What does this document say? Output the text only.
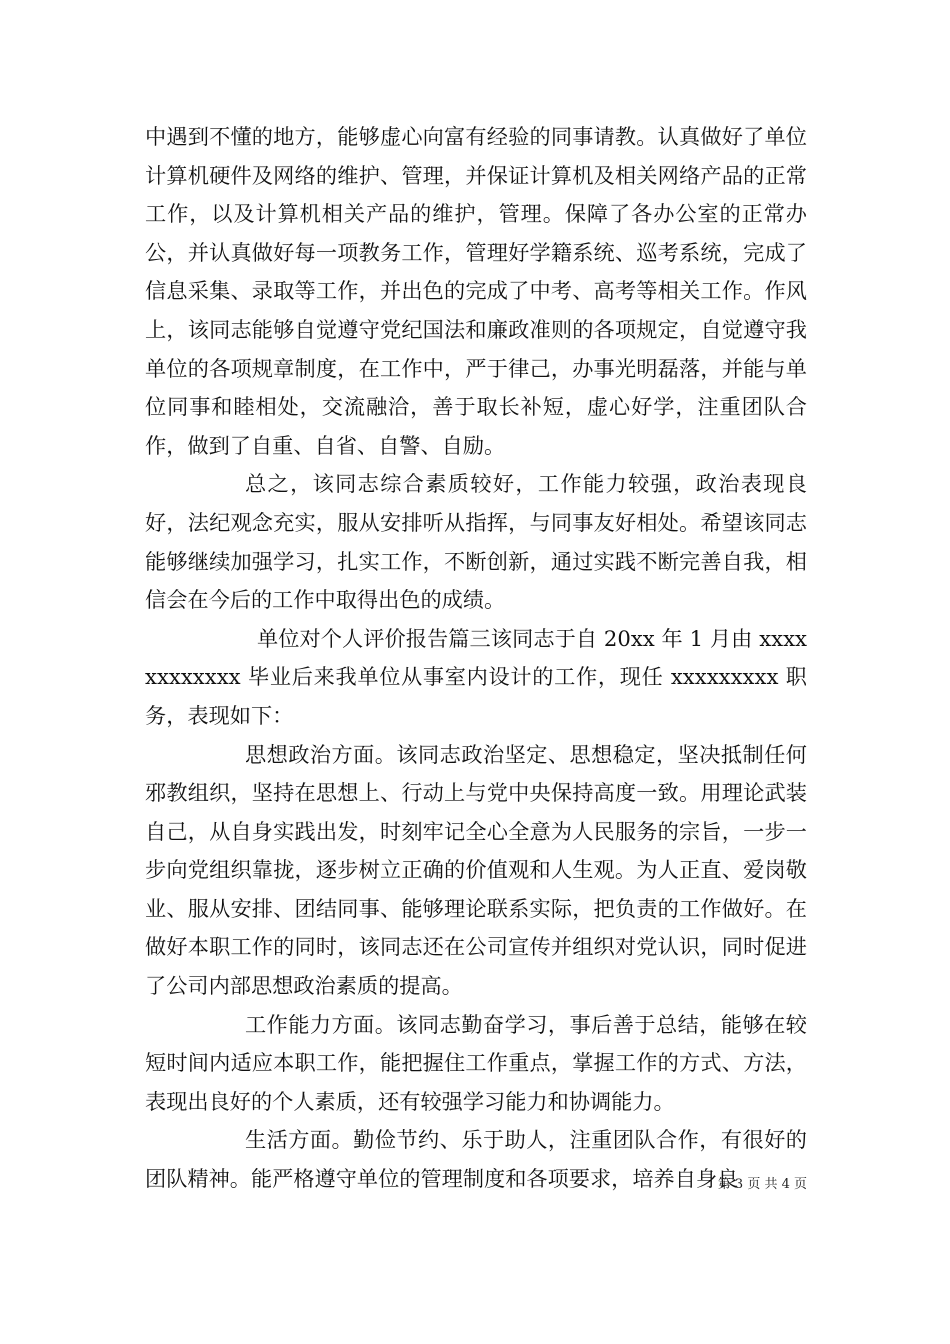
中遇到不懂的地方，能够虚心向富有经验的同事请教。认真做好了单位计算机硬件及网络的维护、管理，并保证计算机及相关网络产品的正常工作，以及计算机相关产品的维护，管理。保障了各办公室的正常办公，并认真做好每一项教务工作，管理好学籍系统、巡考系统，完成了信息采集、录取等工作，并出色的完成了中考、高考等相关工作。作风上，该同志能够自觉遵守党纪国法和廉政准则的各项规定，自觉遵守我单位的各项规章制度，在工作中，严于律己，办事光明磊落，并能与单位同事和睦相处，交流融洽，善于取长补短，虚心好学，注重团队合作，做到了自重、自省、自警、自励。

总之，该同志综合素质较好，工作能力较强，政治表现良好，法纪观念充实，服从安排听从指挥，与同事友好相处。希望该同志能够继续加强学习，扎实工作，不断创新，通过实践不断完善自我，相信会在今后的工作中取得出色的成绩。

单位对个人评价报告篇三该同志于自 20xx 年 1 月由 xxxxxxxxxxxx 毕业后来我单位从事室内设计的工作，现任 xxxxxxxxx 职务，表现如下：

思想政治方面。该同志政治坚定、思想稳定，坚决抵制任何邪教组织，坚持在思想上、行动上与党中央保持高度一致。用理论武装自己，从自身实践出发，时刻牢记全心全意为人民服务的宗旨，一步一步向党组织靠拢，逐步树立正确的价值观和人生观。为人正直、爱岗敬业、服从安排、团结同事、能够理论联系实际，把负责的工作做好。在做好本职工作的同时，该同志还在公司宣传并组织对党认识，同时促进了公司内部思想政治素质的提高。

工作能力方面。该同志勤奋学习，事后善于总结，能够在较短时间内适应本职工作，能把握住工作重点，掌握工作的方式、方法，表现出良好的个人素质，还有较强学习能力和协调能力。

生活方面。勤俭节约、乐于助人，注重团队合作，有很好的团队精神。能严格遵守单位的管理制度和各项要求，培养自身良

第 3 页 共 4 页
